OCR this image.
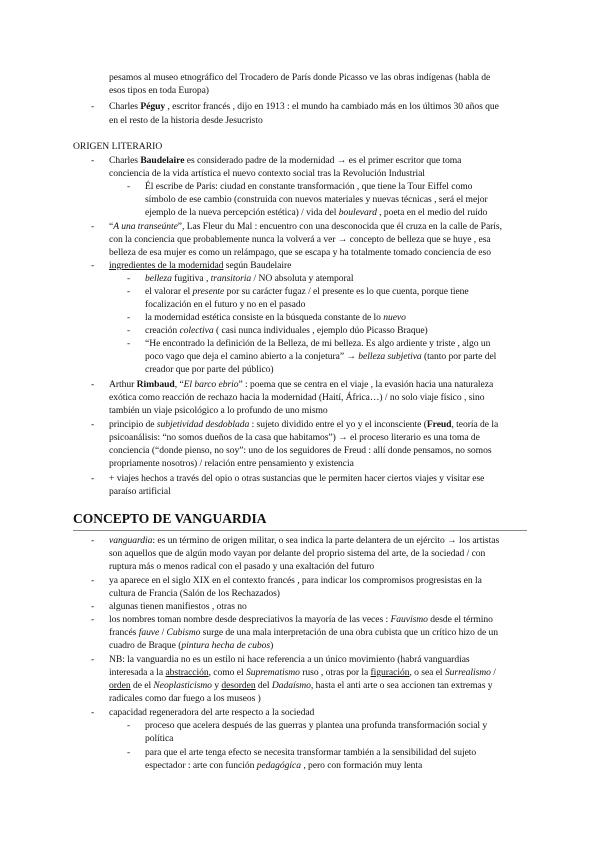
pesamos al museo etnográfico del Trocadero de París donde Picasso ve las obras indígenas (habla de
esos tipos en toda Europa)
- Charles Péguy , escritor francés , dijo en 1913 : el mundo ha cambiado más en los últimos 30 años que
en el resto de la historia desde Jesucristo
ORIGEN LITERARIO
- Charles Baudelaire es considerado padre de la modernidad → es el primer escritor que toma
conciencia de la vida artística el nuevo contexto social tras la Revolución Industrial
- Él escribe de París: ciudad en constante transformación , que tiene la Tour Eiffel como
símbolo de ese cambio (construida con nuevos materiales y nuevas técnicas , será el mejor
ejemplo de la nueva percepción estética) / vida del boulevard , poeta en el medio del ruido
- “A una transeúnte”, Las Fleur du Mal : encuentro con una desconocida que él cruza en la calle de París,
con la conciencia que probablemente nunca la volverá a ver → concepto de belleza que se huye , esa
belleza de esa mujer es como un relámpago, que se escapa y ha totalmente tomado conciencia de eso
- ingredientes de la modernidad según Baudelaire
- belleza fugitiva , transitoria / NO absoluta y atemporal
- el valorar el presente por su carácter fugaz / el presente es lo que cuenta, porque tiene
focalización en el futuro y no en el pasado
- la modernidad estética consiste en la búsqueda constante de lo nuevo
- creación colectiva ( casi nunca individuales , ejemplo dúo Picasso Braque)
- “He encontrado la definición de la Belleza, de mi belleza. Es algo ardiente y triste , algo un
poco vago que deja el camino abierto a la conjetura” → belleza subjetiva (tanto por parte del
creador que por parte del público)
- Arthur Rimbaud, “El barco ebrio” : poema que se centra en el viaje , la evasión hacia una naturaleza
exótica como reacción de rechazo hacia la modernidad (Haití, África…) / no solo viaje físico , sino
también un viaje psicológico a lo profundo de uno mismo
- principio de subjetividad desdoblada : sujeto dividido entre el yo y el inconsciente (Freud, teoría de la
psicoanálisis: “no somos dueños de la casa que habitamos”) → el proceso literario es una toma de
conciencia (“donde pienso, no soy”: uno de los seguidores de Freud : allí donde pensamos, no somos
propriamente nosotros) / relación entre pensamiento y existencia
- + viajes hechos a través del opio o otras sustancias que le permiten hacer ciertos viajes y visitar ese
paraíso artificial
CONCEPTO DE VANGUARDIA
- vanguardia: es un término de origen militar, o sea indica la parte delantera de un ejército → los artistas
son aquellos que de algún modo vayan por delante del proprio sistema del arte, de la sociedad / con
ruptura más o menos radical con el pasado y una exaltación del futuro
- ya aparece en el siglo XIX en el contexto francés , para indicar los compromisos progresistas en la
cultura de Francia (Salón de los Rechazados)
- algunas tienen manifiestos , otras no
- los nombres toman nombre desde despreciativos la mayoría de las veces : Fauvismo desde el término
francés fauve / Cubismo surge de una mala interpretación de una obra cubista que un crítico hizo de un
cuadro de Braque (pintura hecha de cubos)
- NB: la vanguardia no es un estilo ni hace referencia a un único movimiento (habrá vanguardias
interesada a la abstracción, como el Suprematismo ruso , otras por la figuración, o sea el Surrealismo /
orden de el Neoplasticismo y desorden del Dadaísmo, hasta el anti arte o sea accionen tan extremas y
radicales como dar fuego a los museos )
- capacidad regeneradora del arte respecto a la sociedad
- proceso que acelera después de las guerras y plantea una profunda transformación social y
política
- para que el arte tenga efecto se necesita transformar también a la sensibilidad del sujeto
espectador : arte con función pedagógica , pero con formación muy lenta
